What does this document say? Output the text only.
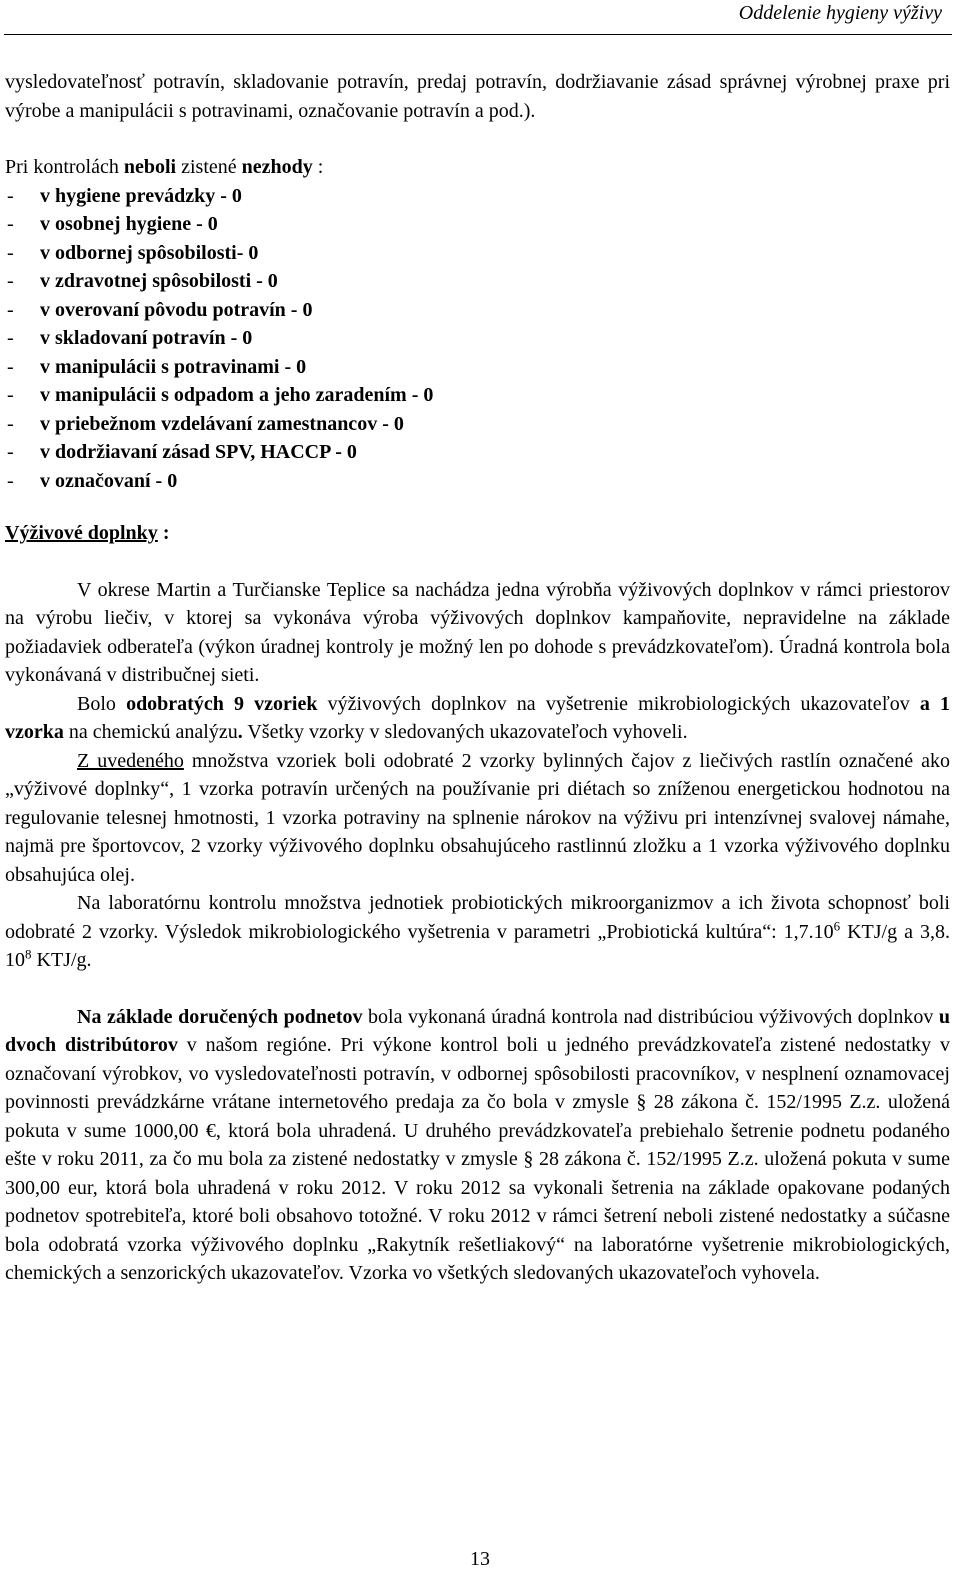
Oddelenie hygieny výživy

vysledovateľnosť potravín, skladovanie potravín, predaj potravín, dodržiavanie zásad správnej výrobnej praxe pri výrobe a manipulácii s potravinami, označovanie potravín a pod.).

Pri kontrolách neboli zistené nezhody :

- v hygiene prevádzky - 0
- v osobnej hygiene - 0
- v odbornej spôsobilosti- 0
- v zdravotnej spôsobilosti - 0
- v overovaní pôvodu potravín - 0
- v skladovaní potravín - 0
- v manipulácii s potravinami - 0
- v manipulácii s odpadom a jeho zaradením - 0
- v priebežnom vzdelávaní zamestnancov - 0
- v dodržiavaní zásad SPV, HACCP - 0
- v označovaní - 0

Výživové doplnky :

V okrese Martin a Turčianske Teplice sa nachádza jedna výrobňa výživových doplnkov v rámci priestorov na výrobu liečiv, v ktorej sa vykonáva výroba výživových doplnkov kampaňovite, nepravidelne na základe požiadaviek odberateľa (výkon úradnej kontroly je možný len po dohode s prevádzkovateľom). Úradná kontrola bola vykonávaná v distribučnej sieti.

Bolo odobratých 9 vzoriek výživových doplnkov na vyšetrenie mikrobiologických ukazovateľov a 1 vzorka na chemickú analýzu. Všetky vzorky v sledovaných ukazovateľoch vyhoveli.

Z uvedeného množstva vzoriek boli odobraté 2 vzorky bylinných čajov z liečivých rastlín označené ako „výživové doplnky“, 1 vzorka potravín určených na používanie pri diétach so zníženou energetickou hodnotou na regulovanie telesnej hmotnosti, 1 vzorka potraviny na splnenie nárokov na výživu pri intenzívnej svalovej námahe, najmä pre športovcov, 2 vzorky výživového doplnku obsahujúceho rastlinnú zložku a 1 vzorka výživového doplnku obsahujúca olej.

Na laboratórnu kontrolu množstva jednotiek probiotických mikroorganizmov a ich života schopnosť boli odobraté 2 vzorky. Výsledok mikrobiologického vyšetrenia v parametri „Probiotická kultúra“: 1,7.10$^6$ KTJ/g a 3,8. $10^8$ KTJ/g.

Na základe doručených podnetov bola vykonaná úradná kontrola nad distribúciou výživových doplnkov u dvoch distribútorov v našom regióne. Pri výkone kontrol boli u jedného prevádzkovateľa zistené nedostatky v označovaní výrobkov, vo vysledovateľnosti potravín, v odbornej spôsobilosti pracovníkov, v nesplnení oznamovacej povinnosti prevádzkárne vrátane internetového predaja za čo bola v zmysle § 28 zákona č. 152/1995 Z.z. uložená pokuta v sume 1000,00 €, ktorá bola uhradená. U druhého prevádzkovateľa prebiehalo šetrenie podnetu podaného ešte v roku 2011, za čo mu bola za zistené nedostatky v zmysle § 28 zákona č. 152/1995 Z.z. uložená pokuta v sume 300,00 eur, ktorá bola uhradená v roku 2012. V roku 2012 sa vykonali šetrenia na základe opakovane podaných podnetov spotrebiteľa, ktoré boli obsahovo totožné. V roku 2012 v rámci šetrení neboli zistené nedostatky a súčasne bola odobratá vzorka výživového doplnku „Rakytník rešetliakový“ na laboratórne vyšetrenie mikrobiologických, chemických a senzorických ukazovateľov. Vzorka vo všetkých sledovaných ukazovateľoch vyhovela.

13
